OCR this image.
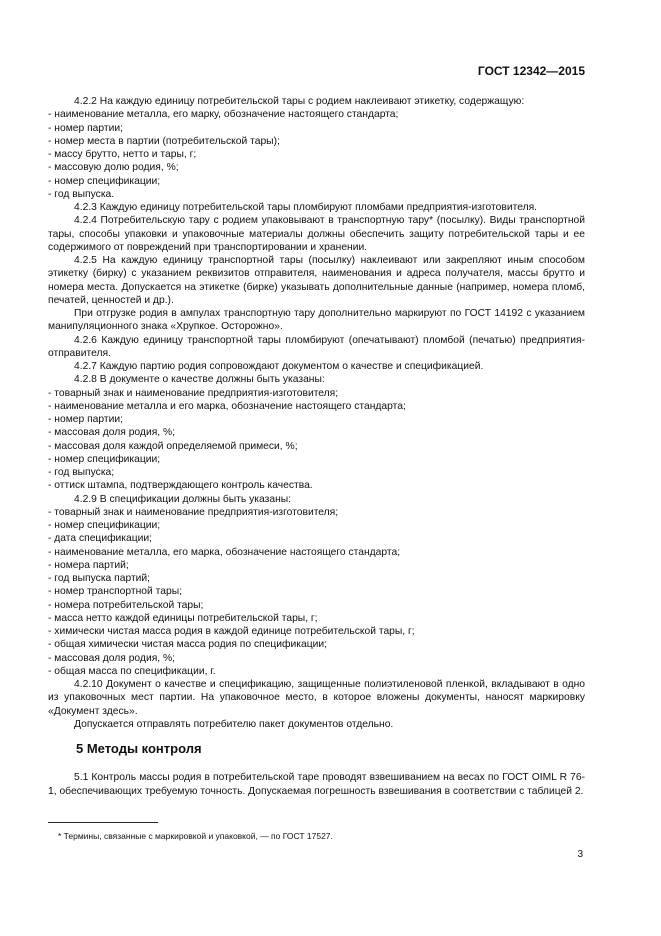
ГОСТ 12342—2015

4.2.2 На каждую единицу потребительской тары с родием наклеивают этикетку, содержащую:

- наименование металла, его марку, обозначение настоящего стандарта;

- номер партии;

- номер места в партии (потребительской тары);

- массу брутто, нетто и тары, г;

- массовую долю родия, %;

- номер спецификации;

- год выпуска.

4.2.3 Каждую единицу потребительской тары пломбируют пломбами предприятия-изготовителя.

4.2.4 Потребительскую тару с родием упаковывают в транспортную тару* (посылку). Виды транспортной тары, способы упаковки и упаковочные материалы должны обеспечить защиту потребительской тары и ее содержимого от повреждений при транспортировании и хранении.

4.2.5 На каждую единицу транспортной тары (посылку) наклеивают или закрепляют иным способом этикетку (бирку) с указанием реквизитов отправителя, наименования и адреса получателя, массы брутто и номера места. Допускается на этикетке (бирке) указывать дополнительные данные (например, номера пломб, печатей, ценностей и др.).

При отгрузке родия в ампулах транспортную тару дополнительно маркируют по ГОСТ 14192 с указанием манипуляционного знака «Хрупкое. Осторожно».

4.2.6 Каждую единицу транспортной тары пломбируют (опечатывают) пломбой (печатью) предприятия-отправителя.

4.2.7 Каждую партию родия сопровождают документом о качестве и спецификацией.

4.2.8 В документе о качестве должны быть указаны:

- товарный знак и наименование предприятия-изготовителя;

- наименование металла и его марка, обозначение настоящего стандарта;

- номер партии;

- массовая доля родия, %;

- массовая доля каждой определяемой примеси, %;

- номер спецификации;

- год выпуска;

- оттиск штампа, подтверждающего контроль качества.

4.2.9 В спецификации должны быть указаны:

- товарный знак и наименование предприятия-изготовителя;

- номер спецификации;

- дата спецификации;

- наименование металла, его марка, обозначение настоящего стандарта;

- номера партий;

- год выпуска партий;

- номер транспортной тары;

- номера потребительской тары;

- масса нетто каждой единицы потребительской тары, г;

- химически чистая масса родия в каждой единице потребительской тары, г;

- общая химически чистая масса родия по спецификации;

- массовая доля родия, %;

- общая масса по спецификации, г.

4.2.10 Документ о качестве и спецификацию, защищенные полиэтиленовой пленкой, вкладывают в одно из упаковочных мест партии. На упаковочное место, в которое вложены документы, наносят маркировку «Документ здесь».

Допускается отправлять потребителю пакет документов отдельно.

5 Методы контроля

5.1 Контроль массы родия в потребительской таре проводят взвешиванием на весах по ГОСТ OIML R 76-1, обеспечивающих требуемую точность. Допускаемая погрешность взвешивания в соответствии с таблицей 2.

* Термины, связанные с маркировкой и упаковкой, — по ГОСТ 17527.
3
